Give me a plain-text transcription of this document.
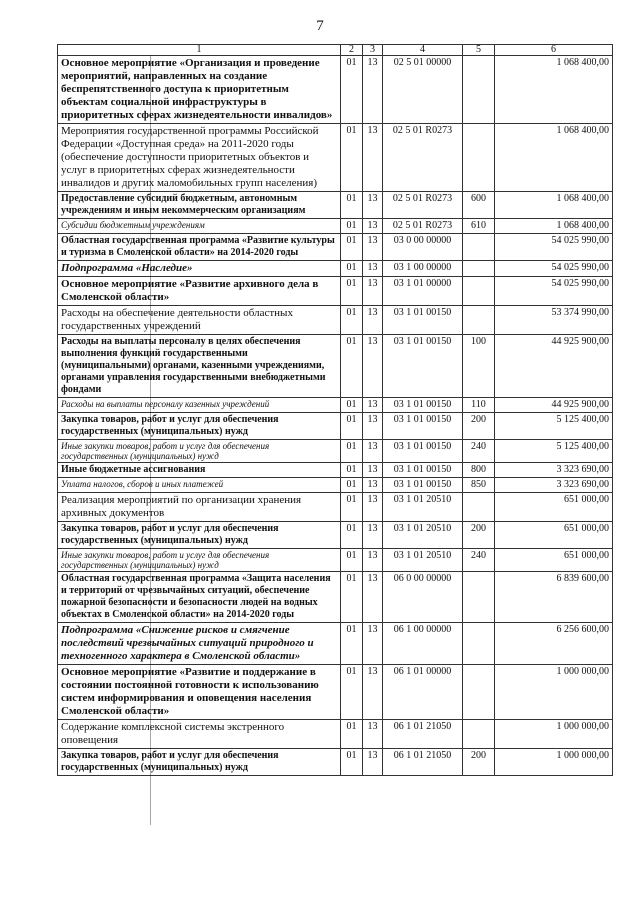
7
1	2	3	4	5	6
Основное мероприятие «Организация и проведение мероприятий, направленных на создание беспрепятственного доступа к приоритетным объектам социальной инфраструктуры в приоритетных сферах жизнедеятельности инвалидов»	01	13	02 5 01 00000		1 068 400,00
Мероприятия государственной программы Российской Федерации «Доступная среда» на 2011-2020 годы (обеспечение доступности приоритетных объектов и услуг в приоритетных сферах жизнедеятельности инвалидов и других маломобильных групп населения)	01	13	02 5 01 R0273		1 068 400,00
Предоставление субсидий бюджетным, автономным учреждениям и иным некоммерческим организациям	01	13	02 5 01 R0273	600	1 068 400,00
Субсидии бюджетным учреждениям	01	13	02 5 01 R0273	610	1 068 400,00
Областная государственная программа «Развитие культуры и туризма в Смоленской области» на 2014-2020 годы	01	13	03 0 00 00000		54 025 990,00
Подпрограмма «Наследие»	01	13	03 1 00 00000		54 025 990,00
Основное мероприятие «Развитие архивного дела в Смоленской области»	01	13	03 1 01 00000		54 025 990,00
Расходы на обеспечение деятельности областных государственных учреждений	01	13	03 1 01 00150		53 374 990,00
Расходы на выплаты персоналу в целях обеспечения выполнения функций государственными (муниципальными) органами, казенными учреждениями, органами управления государственными внебюджетными фондами	01	13	03 1 01 00150	100	44 925 900,00
Расходы на выплаты персоналу казенных учреждений	01	13	03 1 01 00150	110	44 925 900,00
Закупка товаров, работ и услуг для обеспечения государственных (муниципальных) нужд	01	13	03 1 01 00150	200	5 125 400,00
Иные закупки товаров, работ и услуг для обеспечения государственных (муниципальных) нужд	01	13	03 1 01 00150	240	5 125 400,00
Иные бюджетные ассигнования	01	13	03 1 01 00150	800	3 323 690,00
Уплата налогов, сборов и иных платежей	01	13	03 1 01 00150	850	3 323 690,00
Реализация мероприятий по организации хранения архивных документов	01	13	03 1 01 20510		651 000,00
Закупка товаров, работ и услуг для обеспечения государственных (муниципальных) нужд	01	13	03 1 01 20510	200	651 000,00
Иные закупки товаров, работ и услуг для обеспечения государственных (муниципальных) нужд	01	13	03 1 01 20510	240	651 000,00
Областная государственная программа «Защита населения и территорий от чрезвычайных ситуаций, обеспечение пожарной безопасности и безопасности людей на водных объектах в Смоленской области» на 2014-2020 годы	01	13	06 0 00 00000		6 839 600,00
Подпрограмма «Снижение рисков и смягчение последствий чрезвычайных ситуаций природного и техногенного характера в Смоленской области»	01	13	06 1 00 00000		6 256 600,00
Основное мероприятие «Развитие и поддержание в состоянии постоянной готовности к использованию систем информирования и оповещения населения Смоленской области»	01	13	06 1 01 00000		1 000 000,00
Содержание комплексной системы экстренного оповещения	01	13	06 1 01 21050		1 000 000,00
Закупка товаров, работ и услуг для обеспечения государственных (муниципальных) нужд	01	13	06 1 01 21050	200	1 000 000,00
